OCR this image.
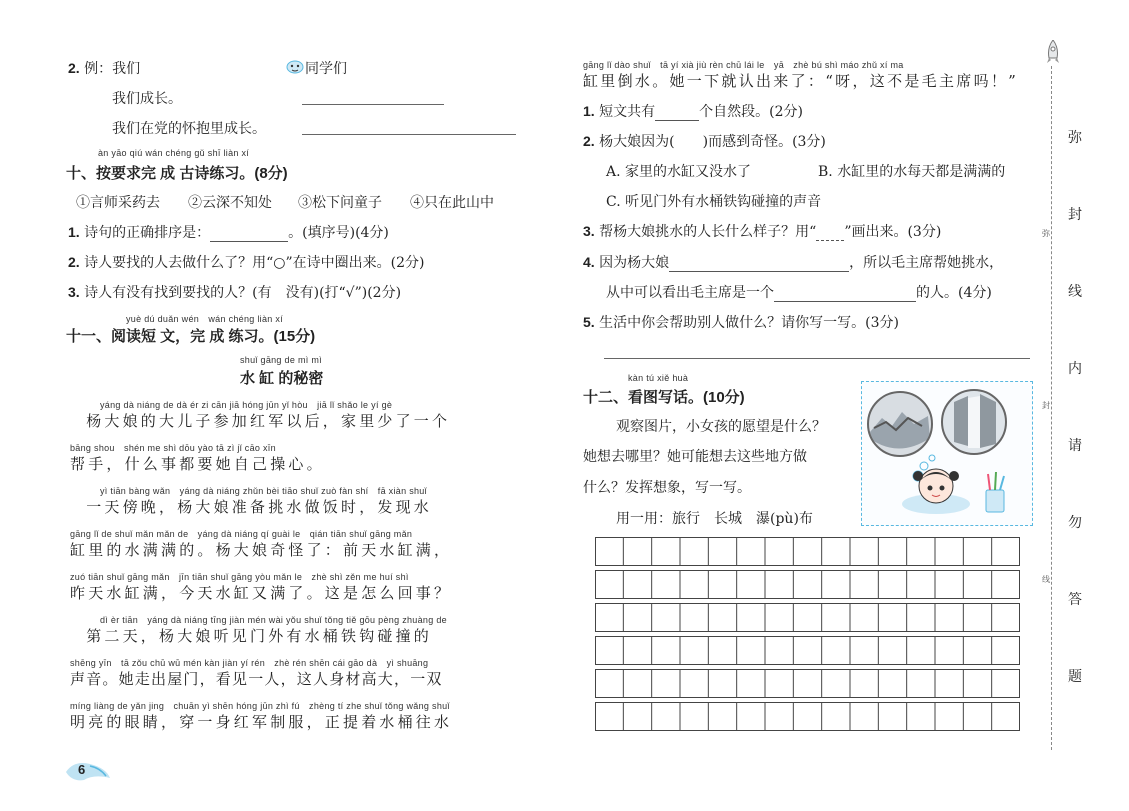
2. 例：我们	同学们
我们成长。
我们在党的怀抱里成长。
àn yāo qiú wán chéng gǔ shī liàn xí
十、按要求完 成 古诗练习。(8分)
①言师采药去 ②云深不知处 ③松下问童子 ④只在此山中
1. 诗句的正确排序是：	。(填序号)(4分)
2. 诗人要找的人去做什么了？用“○”在诗中圈出来。(2分)
3. 诗人有没有找到要找的人？(有　没有)(打“√”)(2分)
yuè dú duǎn wén　wán chéng liàn xí
十一、阅读短 文，完 成 练习。(15分)
shuǐ gāng de mì mì
水 缸 的秘密
yáng dà niáng de dà ér zi cān jiā hóng jūn yǐ hòu　jiā lǐ shǎo le yí gè
　杨大娘的大儿子参加红军以后，家里少了一个
bāng shou　shén me shì dōu yào tā zì jǐ cāo xīn
帮手，什么事都要她自己操心。
yì tiān bàng wǎn　yáng dà niáng zhǔn bèi tiāo shuǐ zuò fàn shí　fā xiàn shuǐ
　一天傍晚，杨大娘准备挑水做饭时，发现水
gāng lǐ de shuǐ mǎn mǎn de　yáng dà niáng qí guài le　qián tiān shuǐ gāng mǎn
缸里的水满满的。杨大娘奇怪了：前天水缸满，
zuó tiān shuǐ gāng mǎn　jīn tiān shuǐ gāng yòu mǎn le　zhè shì zěn me huí shì
昨天水缸满，今天水缸又满了。这是怎么回事？
dì èr tiān　yáng dà niáng tīng jiàn mén wài yǒu shuǐ tǒng tiě gōu pèng zhuàng de
　第二天，杨大娘听见门外有水桶铁钩碰撞的
shēng yīn　tā zǒu chū wū mén kàn jiàn yí rén　zhè rén shēn cái gāo dà　yì shuāng
声音。她走出屋门，看见一人，这人身材高大，一双
míng liàng de yǎn jing　chuān yì shēn hóng jūn zhì fú　zhèng tí zhe shuǐ tǒng wǎng shuǐ
明亮的眼睛，穿一身红军制服，正提着水桶往水
6
gāng lǐ dào shuǐ　tā yí xià jiù rèn chū lái le　yā　zhè bú shì máo zhǔ xí ma
缸里倒水。她一下就认出来了：“呀，这不是毛主席吗！”
1. 短文共有	个自然段。(2分)
2. 杨大娘因为(　　)而感到奇怪。(3分)
A. 家里的水缸又没水了	B. 水缸里的水每天都是满满的
C. 听见门外有水桶铁钩碰撞的声音
3. 帮杨大娘挑水的人长什么样子？用“ ”画出来。(3分)
4. 因为杨大娘	，所以毛主席帮她挑水，
从中可以看出毛主席是一个	的人。(4分)
5. 生活中你会帮助别人做什么？请你写一写。(3分)
kàn tú xiě huà
十二、看图写话。(10分)
观察图片，小女孩的愿望是什么？
她想去哪里？她可能想去这些地方做
什么？发挥想象，写一写。
用一用：旅行　长城　瀑(pù)布
弥
封
线
内
请
勿
答
题
弥
封
线
